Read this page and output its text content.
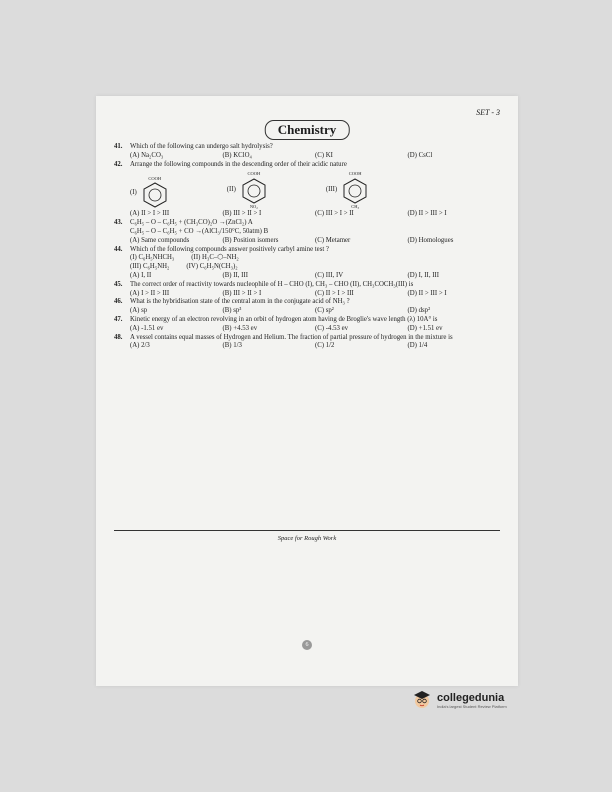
SET - 3
Chemistry
41.	Which of the following can undergo salt hydrolysis?
(A) Na₂CO₃	(B) KClO₄	(C) KI	(D) CsCl
42.	Arrange the following compounds in the descending order of their acidic nature
(I)
COOH
(II)
COOH
NO₂
(III)
COOH
CH₃
(A) II > I > III	(B) III > II > I	(C) III > I > II	(D) II > III > I
43.	C₆H₅ – O – C₆H₅ + (CH₃CO)₂O →(ZnCl₂) A
C₆H₅ – O – C₆H₅ + CO →(AlCl₃/150°C, 50atm) B
(A) Same compounds	(B) Position isomers	(C) Metamer	(D) Homologues
44.	Which of the following compounds answer positively carbyl amine test ?
(I) C₆H₅NHCH₃          (II) H₃C–⬡–NH₂
(III) C₆H₅NH₂          (IV) C₆H₅N(CH₃)₂
(A) I, II	(B) II, III	(C) III, IV	(D) I, II, III
45.	The correct order of reactivity towards nucleophile of H – CHO (I), CH₃ – CHO (II), CH₃COCH₃(III) is
(A) I > II > III	(B) III > II > I	(C) II > I > III	(D) II > III > I
46.	What is the hybridisation state of the central atom in the conjugate acid of NH₃ ?
(A) sp	(B) sp³	(C) sp²	(D) dsp²
47.	Kinetic energy of an electron revolving in an orbit of hydrogen atom having de Broglie's wave length (λ) 10A° is
(A) -1.51 ev	(B) +4.53 ev	(C) -4.53 ev	(D) +1.51 ev
48.	A vessel contains equal masses of Hydrogen and Helium. The fraction of partial pressure of hydrogen in the mixture is
(A) 2/3	(B) 1/3	(C) 1/2	(D) 1/4
Space for Rough Work
6
collegedunia
India's largest Student Review Platform
